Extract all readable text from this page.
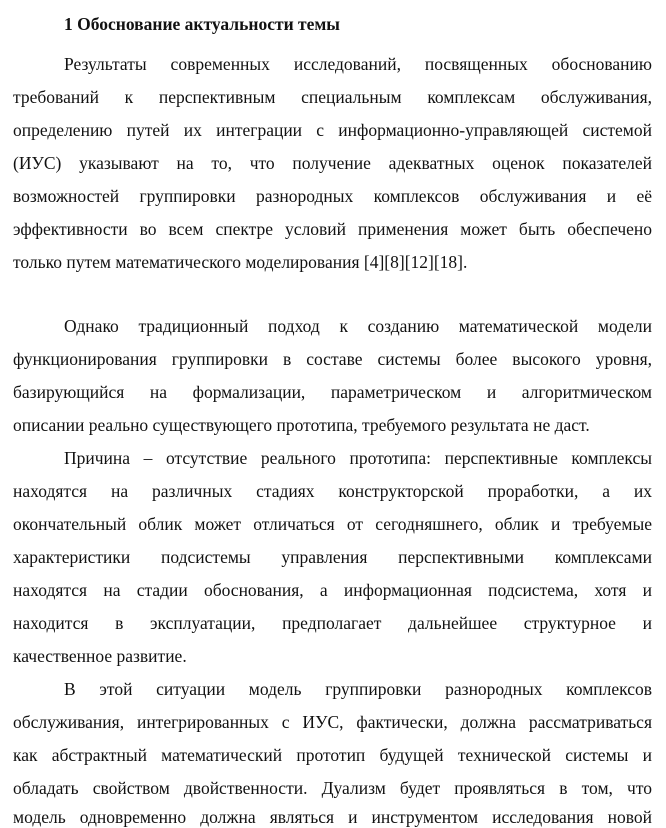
1 Обоснование актуальности темы

Результаты современных исследований, посвященных обоснованию

требований к перспективным специальным комплексам обслуживания,

определению путей их интеграции с информационно-управляющей системой

(ИУС) указывают на то, что получение адекватных оценок показателей

возможностей группировки разнородных комплексов обслуживания и её

эффективности во всем спектре условий применения может быть обеспечено

только путем математического моделирования [4][8][12][18].

Однако традиционный подход к созданию математической модели

функционирования группировки в составе системы более высокого уровня,

базирующийся на формализации, параметрическом и алгоритмическом

описании реально существующего прототипа, требуемого результата не даст.

Причина – отсутствие реального прототипа: перспективные комплексы

находятся на различных стадиях конструкторской проработки, а их

окончательный облик может отличаться от сегодняшнего, облик и требуемые

характеристики подсистемы управления перспективными комплексами

находятся на стадии обоснования, а информационная подсистема, хотя и

находится в эксплуатации, предполагает дальнейшее структурное и

качественное развитие.

В этой ситуации модель группировки разнородных комплексов

обслуживания, интегрированных с ИУС, фактически, должна рассматриваться

как абстрактный математический прототип будущей технической системы и

обладать свойством двойственности. Дуализм будет проявляться в том, что

модель одновременно должна являться и инструментом исследования новой
